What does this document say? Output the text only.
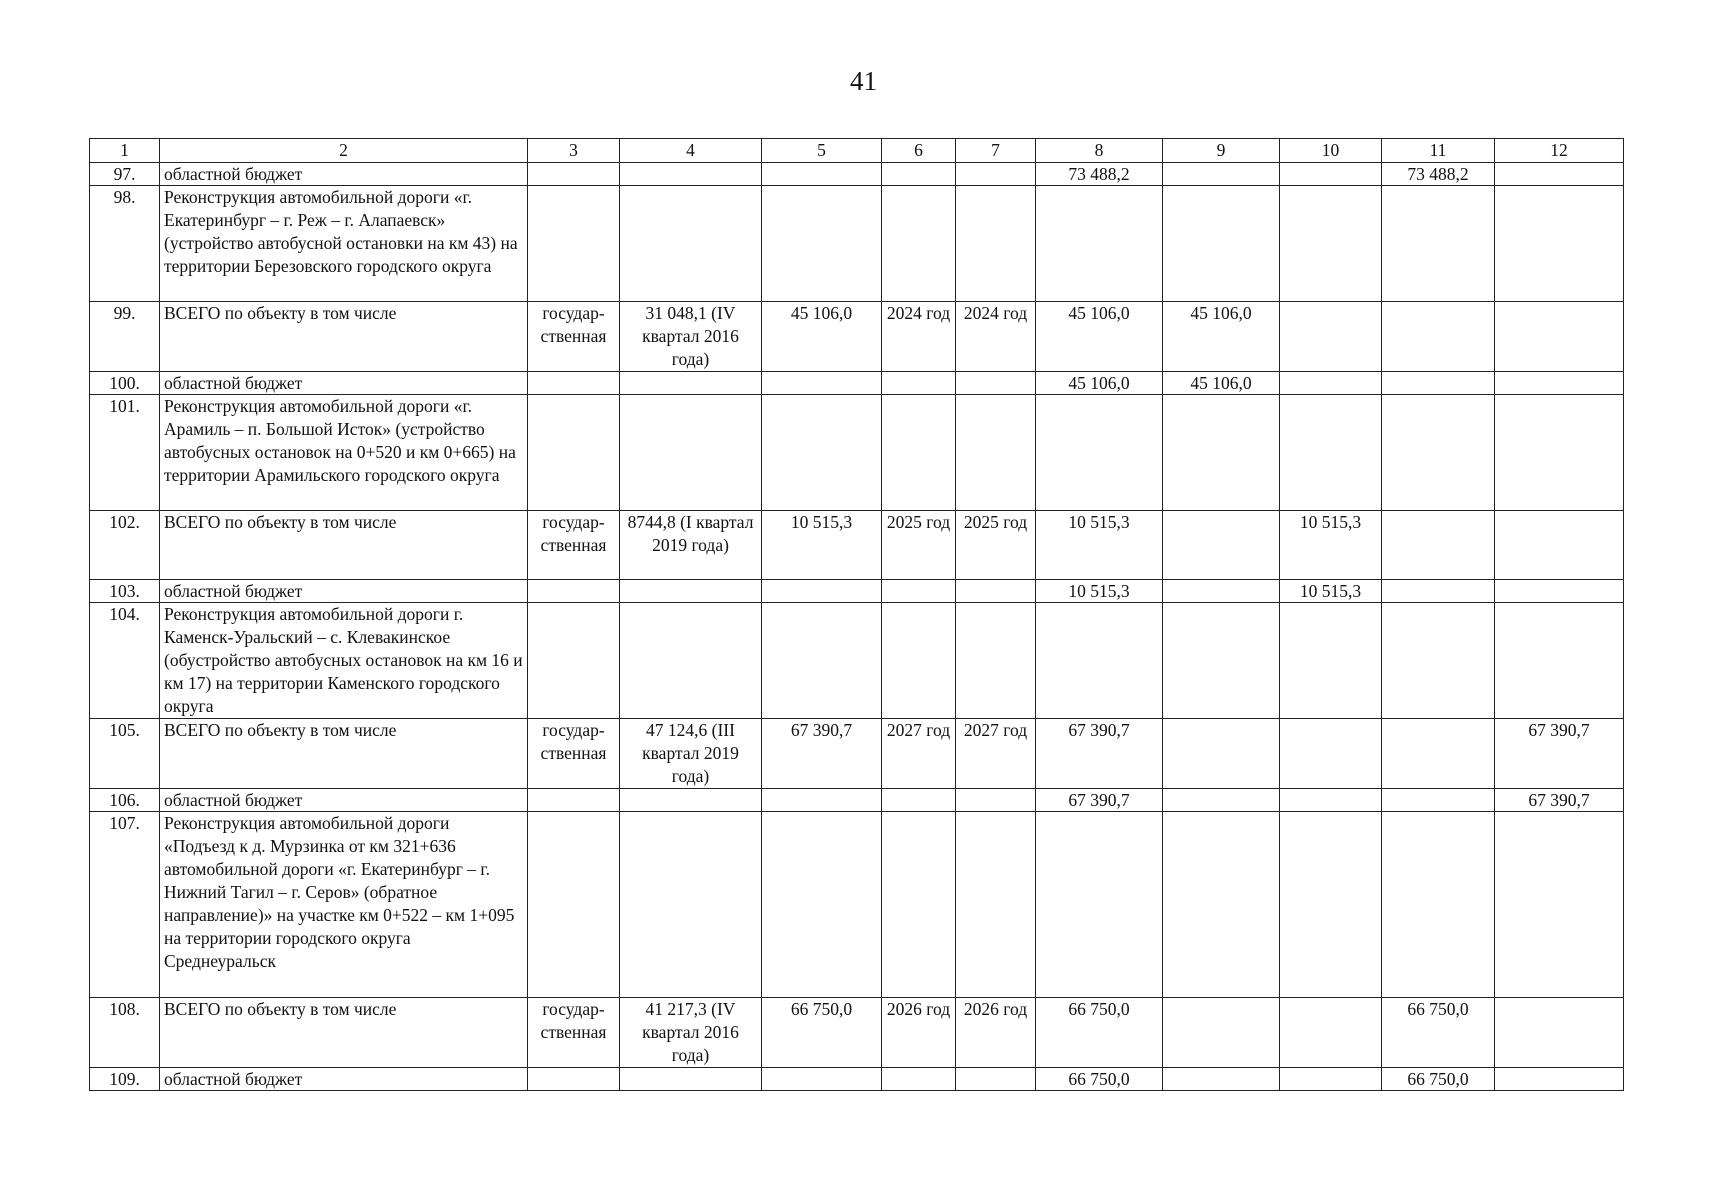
41
1	2	3	4	5	6	7	8	9	10	11	12
97.	областной бюджет						73 488,2			73 488,2	
98.	Реконструкция автомобильной дороги «г. Екатеринбург – г. Реж – г. Алапаевск» (устройство автобусной остановки на км 43) на территории Березовского городского округа										
99.	ВСЕГО по объекту в том числе	государ-ственная	31 048,1 (IV квартал 2016 года)	45 106,0	2024 год	2024 год	45 106,0	45 106,0			
100.	областной бюджет						45 106,0	45 106,0			
101.	Реконструкция автомобильной дороги «г. Арамиль – п. Большой Исток» (устройство автобусных остановок на 0+520 и км 0+665) на территории Арамильского городского округа										
102.	ВСЕГО по объекту в том числе	государ-ственная	8744,8 (I квартал 2019 года)	10 515,3	2025 год	2025 год	10 515,3		10 515,3		
103.	областной бюджет						10 515,3		10 515,3		
104.	Реконструкция автомобильной дороги г. Каменск-Уральский – с. Клевакинское (обустройство автобусных остановок на км 16 и км 17) на территории Каменского городского округа										
105.	ВСЕГО по объекту в том числе	государ-ственная	47 124,6 (III квартал 2019 года)	67 390,7	2027 год	2027 год	67 390,7				67 390,7
106.	областной бюджет						67 390,7				67 390,7
107.	Реконструкция автомобильной дороги «Подъезд к д. Мурзинка от км 321+636 автомобильной дороги «г. Екатеринбург – г. Нижний Тагил – г. Серов» (обратное направление)» на участке км 0+522 – км 1+095 на территории городского округа Среднеуральск										
108.	ВСЕГО по объекту в том числе	государ-ственная	41 217,3 (IV квартал 2016 года)	66 750,0	2026 год	2026 год	66 750,0			66 750,0	
109.	областной бюджет						66 750,0			66 750,0	
